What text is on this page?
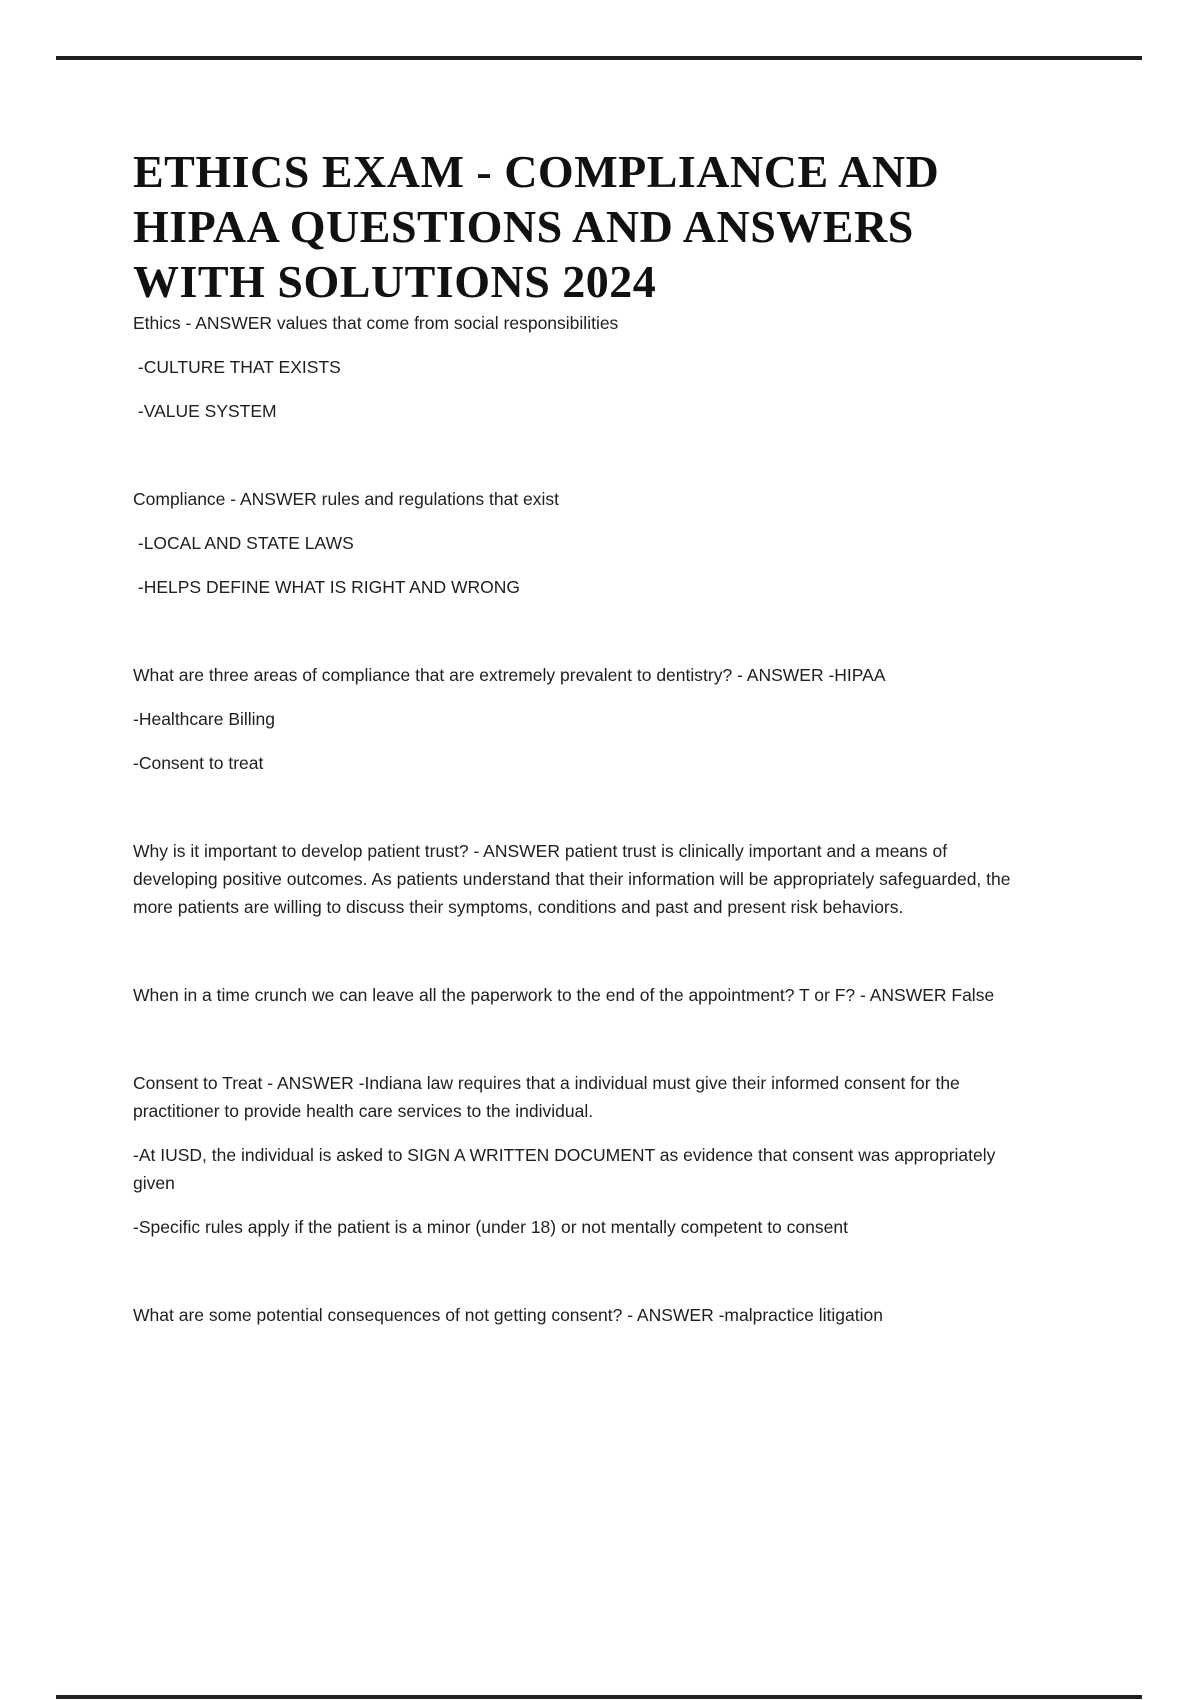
ETHICS EXAM - COMPLIANCE AND
HIPAA QUESTIONS AND ANSWERS
WITH SOLUTIONS 2024

Ethics - ANSWER values that come from social responsibilities

-CULTURE THAT EXISTS

-VALUE SYSTEM

Compliance - ANSWER rules and regulations that exist

-LOCAL AND STATE LAWS

-HELPS DEFINE WHAT IS RIGHT AND WRONG

What are three areas of compliance that are extremely prevalent to dentistry? - ANSWER -HIPAA

-Healthcare Billing

-Consent to treat

Why is it important to develop patient trust? - ANSWER patient trust is clinically important and a means of developing positive outcomes. As patients understand that their information will be appropriately safeguarded, the more patients are willing to discuss their symptoms, conditions and past and present risk behaviors.

When in a time crunch we can leave all the paperwork to the end of the appointment? T or F? - ANSWER False

Consent to Treat - ANSWER -Indiana law requires that a individual must give their informed consent for the practitioner to provide health care services to the individual.

-At IUSD, the individual is asked to SIGN A WRITTEN DOCUMENT as evidence that consent was appropriately given

-Specific rules apply if the patient is a minor (under 18) or not mentally competent to consent

What are some potential consequences of not getting consent? - ANSWER -malpractice litigation
